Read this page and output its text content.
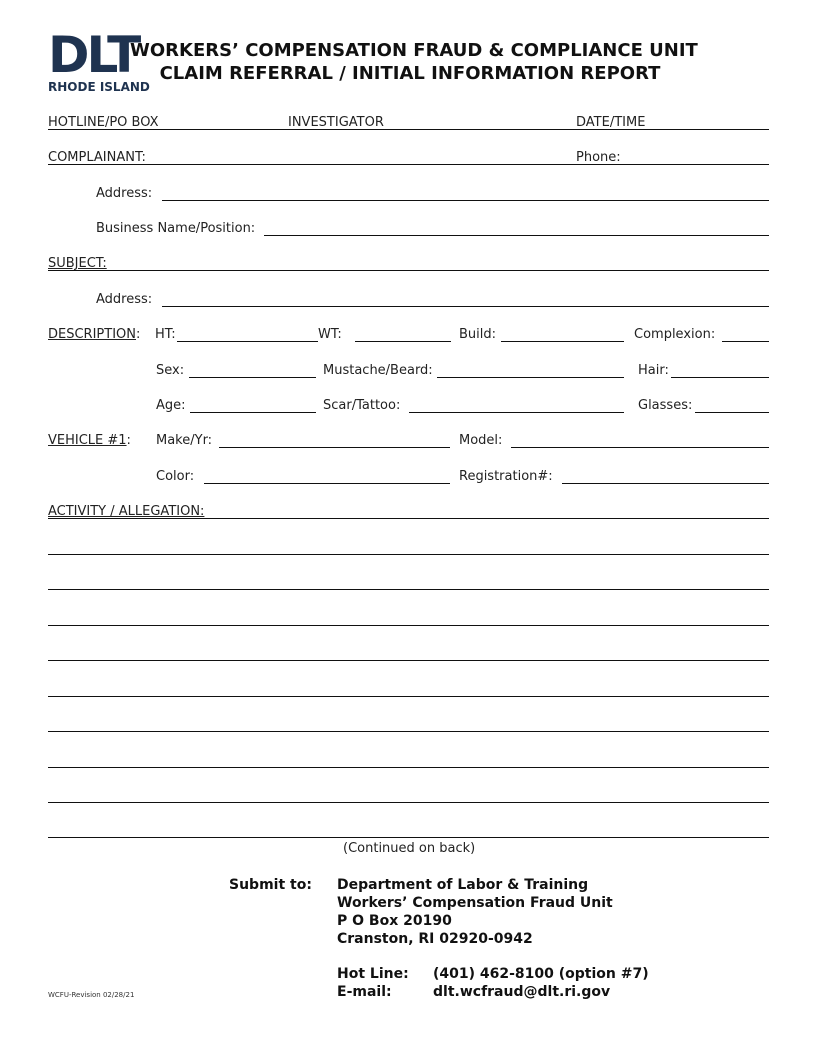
DLT
RHODE ISLAND
WORKERS’ COMPENSATION FRAUD & COMPLIANCE UNIT
CLAIM REFERRAL / INITIAL INFORMATION REPORT
HOTLINE/PO BOX	INVESTIGATOR	DATE/TIME
COMPLAINANT:	Phone:
Address:
Business Name/Position:
SUBJECT:
Address:
DESCRIPTION: HT:	WT:	Build:	Complexion:
Sex:	Mustache/Beard:	Hair:
Age:	Scar/Tattoo:	Glasses:
VEHICLE #1: Make/Yr:	Model:
Color:	Registration#:
ACTIVITY / ALLEGATION:
(Continued on back)
Submit to: Department of Labor & Training
Workers’ Compensation Fraud Unit
P O Box 20190
Cranston, RI 02920-0942
Hot Line: (401) 462-8100 (option #7)
E-mail:	dlt.wcfraud@dlt.ri.gov
WCFU-Revision 02/28/21
